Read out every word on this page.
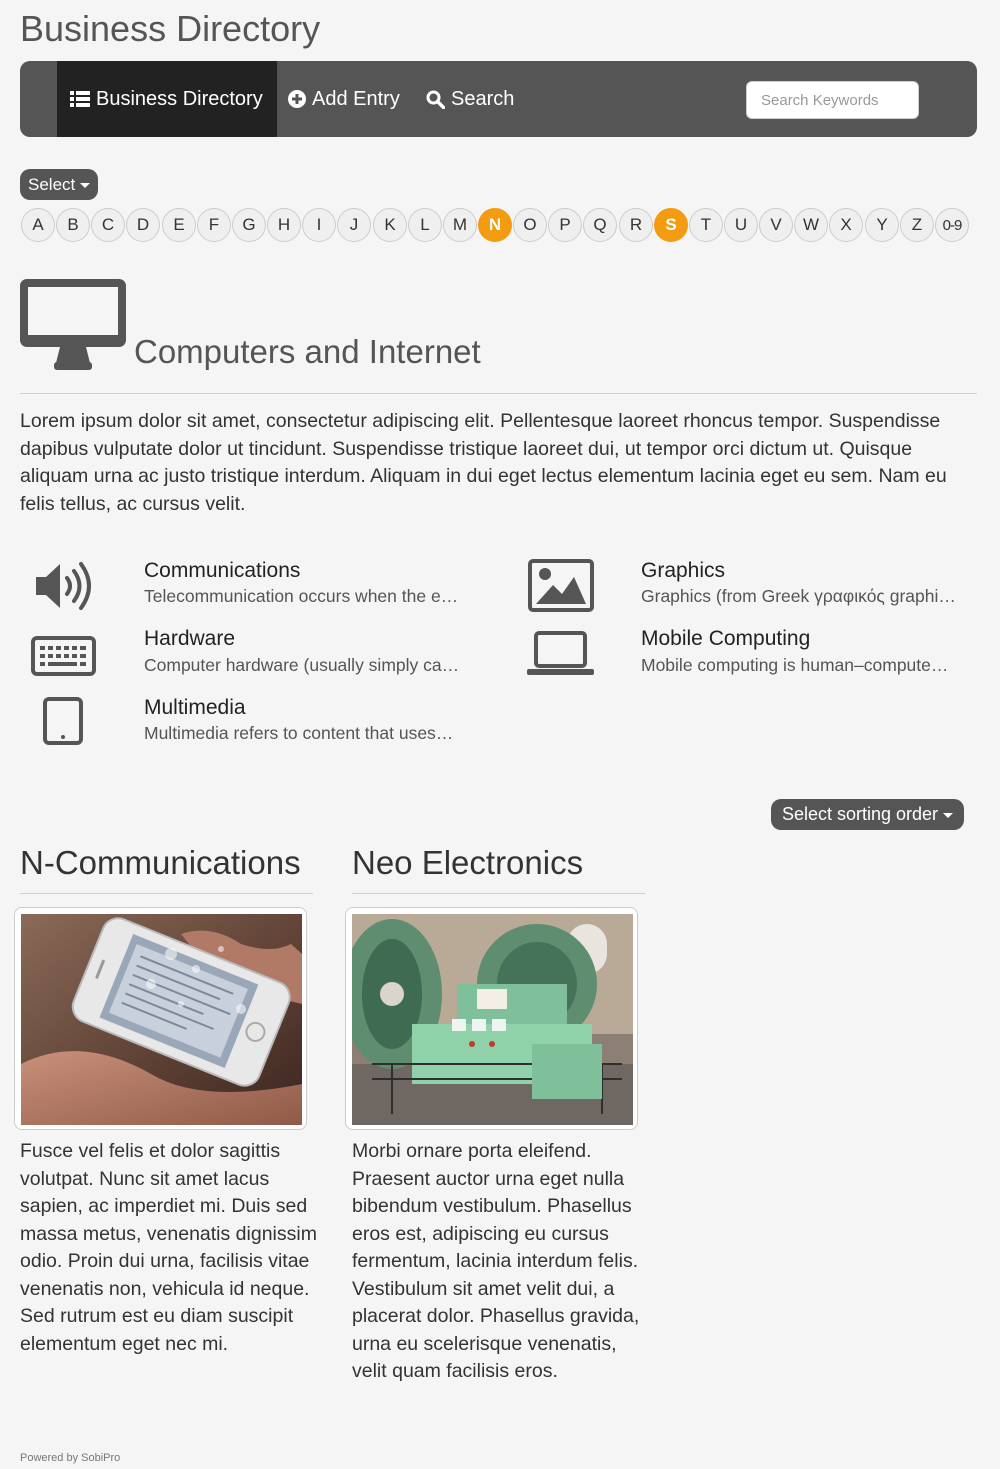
Business Directory
Business Directory Add Entry	Search
Search Keywords
Select
A	B	C	D	E	F	G	H	I	J	K	L	M	N	O	P	Q	R	S	T	U	V	W	X	Y	Z	0-9
Computers and Internet

Lorem ipsum dolor sit amet, consectetur adipiscing elit. Pellentesque laoreet rhoncus tempor. Suspendisse dapibus vulputate dolor ut tincidunt. Suspendisse tristique laoreet dui, ut tempor orci dictum ut. Quisque aliquam urna ac justo tristique interdum. Aliquam in dui eget lectus elementum lacinia eget eu sem. Nam eu felis tellus, ac cursus velit.

Communications
Telecommunication occurs when the e…
Graphics
Graphics (from Greek γραφικός graphi…
Hardware
Computer hardware (usually simply ca…
Mobile Computing
Mobile computing is human–compute…
Multimedia
Multimedia refers to content that uses…
Select sorting order
N-Communications

Fusce vel felis et dolor sagittis volutpat. Nunc sit amet lacus sapien, ac imperdiet mi. Duis sed massa metus, venenatis dignissim odio. Proin dui urna, facilisis vitae venenatis non, vehicula id neque. Sed rutrum est eu diam suscipit elementum eget nec mi.

Neo Electronics

Morbi ornare porta eleifend. Praesent auctor urna eget nulla bibendum vestibulum. Phasellus eros est, adipiscing eu cursus fermentum, lacinia interdum felis. Vestibulum sit amet velit dui, a placerat dolor. Phasellus gravida, urna eu scelerisque venenatis, velit quam facilisis eros.

Powered by SobiPro
